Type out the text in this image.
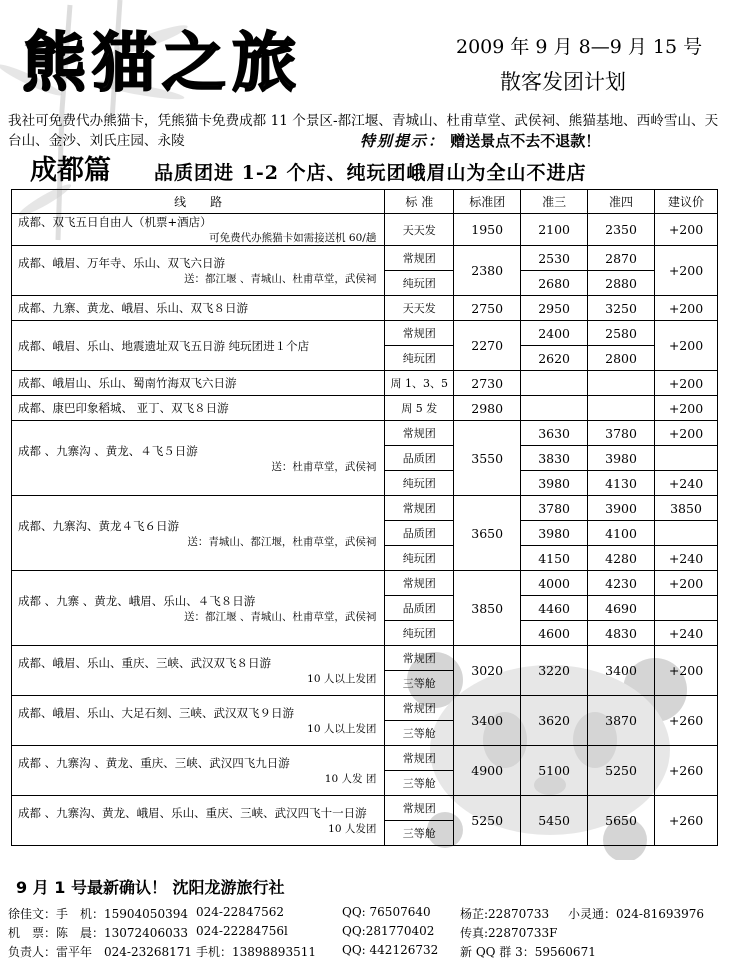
熊猫之旅	2009 年 9 月 8—9 月 15 号
散客发团计划
我社可免费代办熊猫卡，凭熊猫卡免费成都 11 个景区-都江堰、青城山、杜甫草堂、武侯祠、熊猫基地、西岭雪山、天台山、金沙、刘氏庄园、永陵	特别提示： 赠送景点不去不退款！
成都篇 品质团进 1-2 个店、纯玩团峨眉山为全山不进店
线　　路	标 准	标准团	准三	准四	建议价

成都、双飞五日自由人（机票+酒店）
可免费代办熊猫卡如需接送机 60/趟	天天发	1950	2100	2350	+200

成都、峨眉、万年寺、乐山、双飞六日游
送：都江堰 、青城山、杜甫草堂，武侯祠	常规团	2380	2530	2870	+200
	纯玩团		2680	2880	

成都、九寨、黄龙、峨眉、乐山、双飞８日游	天天发	2750	2950	3250	+200

成都、峨眉、乐山、地震遗址双飞五日游 纯玩团进１个店	常规团	2270	2400	2580	+200
	纯玩团		2620	2800	

成都、峨眉山、乐山、蜀南竹海双飞六日游	周 1、3、5	2730			+200

成都、康巴印象稻城、 亚丁、双飞８日游	周 5 发	2980			+200

成都 、九寨沟 、黄龙、４飞５日游
送：杜甫草堂，武侯祠	常规团	3550	3630	3780	+200
	品质团		3830	3980	
	纯玩团		3980	4130	+240

成都、九寨沟、黄龙４飞６日游
送：青城山、都江堰，杜甫草堂，武侯祠	常规团	3650	3780	3900	3850
	品质团		3980	4100	
	纯玩团		4150	4280	+240

成都 、九寨 、黄龙、峨眉、乐山、４飞８日游
送：都江堰 、青城山、杜甫草堂，武侯祠	常规团	3850	4000	4230	+200
	品质团		4460	4690	
	纯玩团		4600	4830	+240

成都、峨眉、乐山、重庆、三峡、武汉双飞８日游
10 人以上发团	常规团	3020	3220	3400	+200
	三等舱				

成都、峨眉、乐山、大足石刻、三峡、武汉双飞９日游
10 人以上发团	常规团	3400	3620	3870	+260
	三等舱				

成都 、九寨沟 、黄龙、重庆、三峡、武汉四飞九日游
10 人发 团	常规团	4900	5100	5250	+260
	三等舱				

成都 、九寨沟、黄龙、峨眉、乐山、重庆、三峡、武汉四飞十一日游
10 人发团	常规团	5250	5450	5650	+260
	三等舱				
9 月 1 号最新确认！ 沈阳龙游旅行社
徐佳文：手　机：15904050394 024-22847562	QQ: 76507640 杨芷:22870733 小灵通：024-81693976
机　票：陈　晨：13072406033 024-22284756l	QQ:281770402 传真:22870733F
负责人：雷平年　024-23268171 手机：13898893511 QQ: 442126732 新 QQ 群 3：59560671
